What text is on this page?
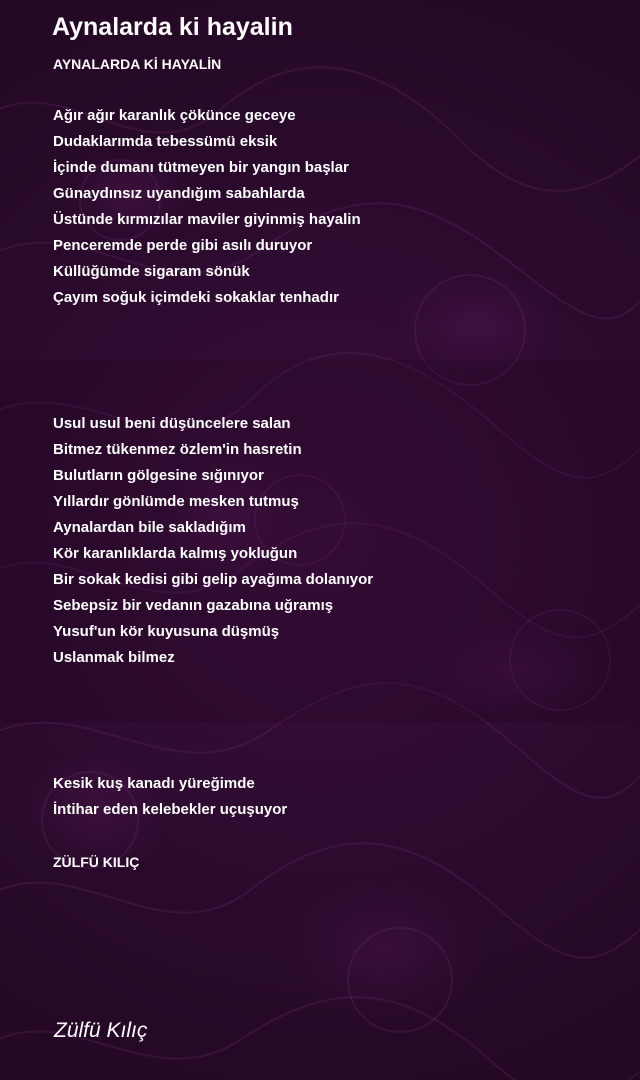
Aynalarda ki hayalin
AYNALARDA Kİ HAYALİN
Ağır ağır karanlık çökünce geceye
Dudaklarımda tebessümü eksik
İçinde dumanı tütmeyen bir yangın başlar
Günaydınsız uyandığım sabahlarda
Üstünde kırmızılar maviler giyinmiş hayalin
Penceremde perde gibi asılı duruyor
Küllüğümde sigaram sönük
Çayım soğuk içimdeki sokaklar tenhadır
Usul usul beni düşüncelere salan
Bitmez tükenmez özlem'in hasretin
Bulutların gölgesine sığınıyor
Yıllardır gönlümde mesken tutmuş
Aynalardan bile sakladığım
Kör karanlıklarda kalmış yokluğun
Bir sokak kedisi gibi gelip ayağıma dolanıyor
Sebepsiz bir vedanın gazabına uğramış
Yusuf'un kör kuyusuna düşmüş
Uslanmak bilmez
Kesik kuş kanadı yüreğimde
İntihar eden kelebekler uçuşuyor
ZÜLFÜ KILIÇ
Zülfü Kılıç
